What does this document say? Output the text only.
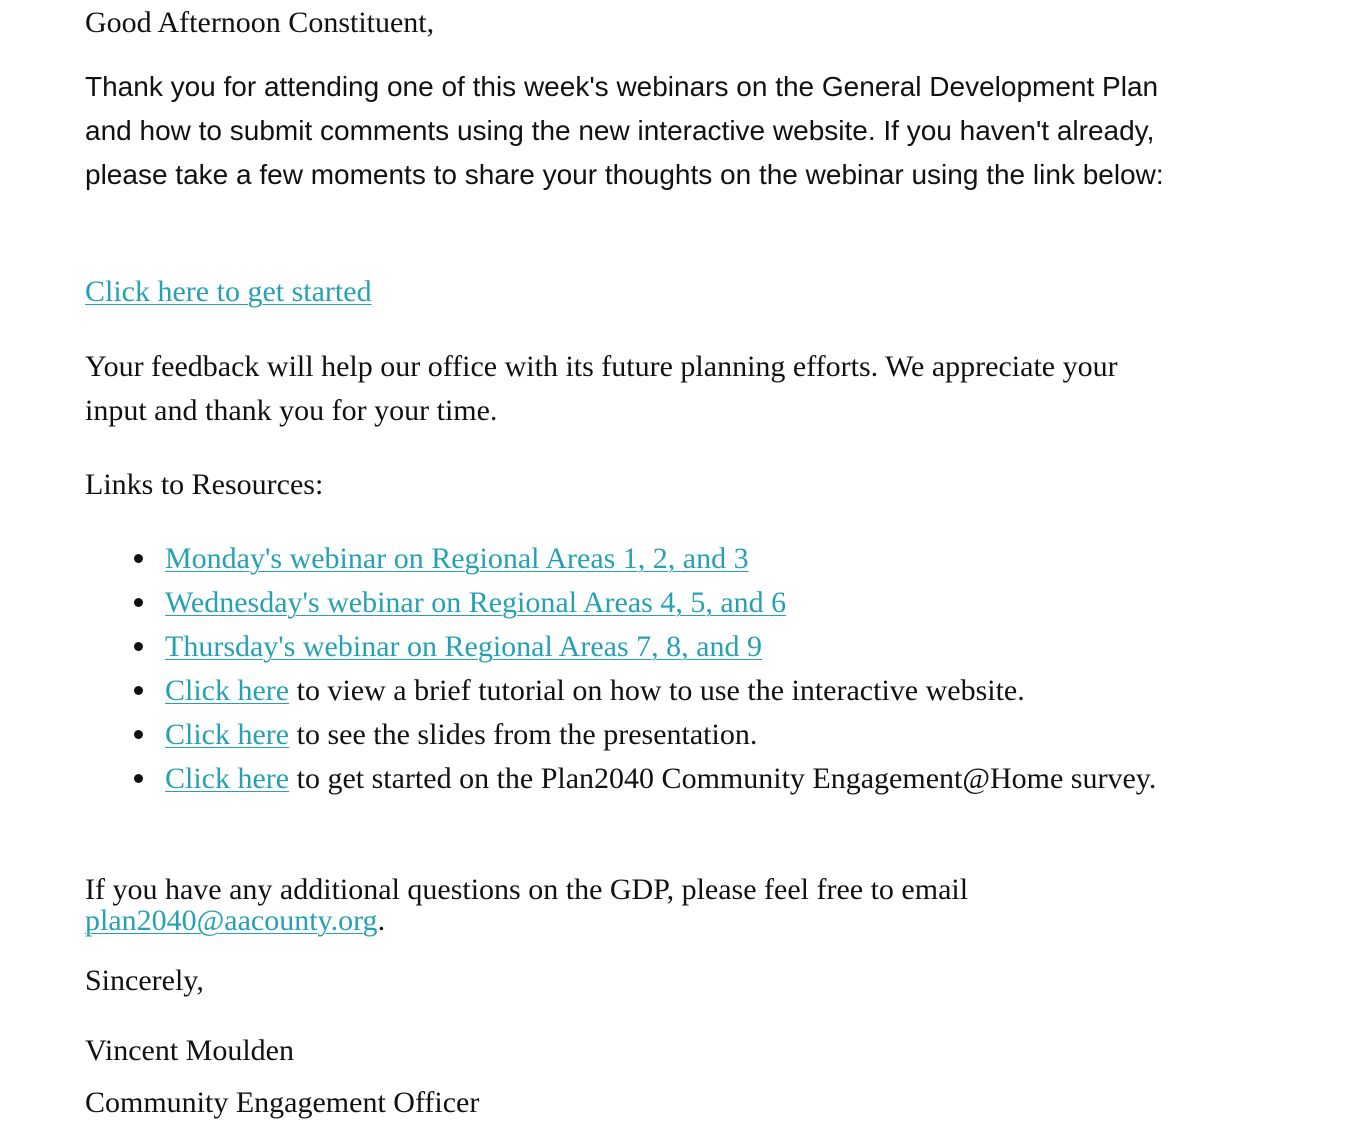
Good Afternoon Constituent,

Thank you for attending one of this week's webinars on the General Development Plan and how to submit comments using the new interactive website. If you haven't already, please take a few moments to share your thoughts on the webinar using the link below:

Click here to get started

Your feedback will help our office with its future planning efforts. We appreciate your input and thank you for your time.

Links to Resources:

Monday's webinar on Regional Areas 1, 2, and 3
Wednesday's webinar on Regional Areas 4, 5, and 6
Thursday's webinar on Regional Areas 7, 8, and 9
Click here to view a brief tutorial on how to use the interactive website.
Click here to see the slides from the presentation.
Click here to get started on the Plan2040 Community Engagement@Home survey.

If you have any additional questions on the GDP, please feel free to email
plan2040@aacounty.org.

Sincerely,

Vincent Moulden

Community Engagement Officer
